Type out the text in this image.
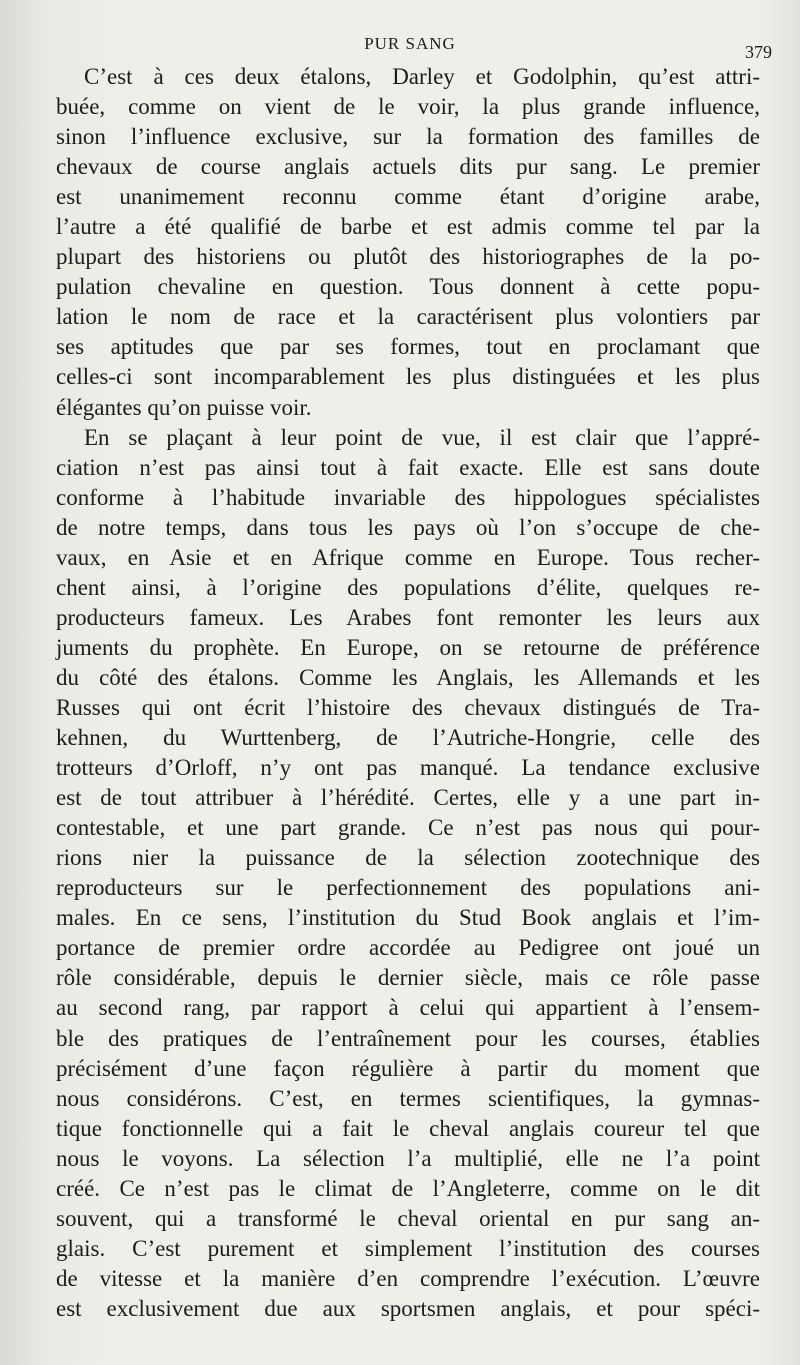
PUR SANG	379
C’est à ces deux étalons, Darley et Godolphin, qu’est attri-
buée, comme on vient de le voir, la plus grande influence,
sinon l’influence exclusive, sur la formation des familles de
chevaux de course anglais actuels dits pur sang. Le premier
est unanimement reconnu comme étant d’origine arabe,
l’autre a été qualifié de barbe et est admis comme tel par la
plupart des historiens ou plutôt des historiographes de la po-
pulation chevaline en question. Tous donnent à cette popu-
lation le nom de race et la caractérisent plus volontiers par
ses aptitudes que par ses formes, tout en proclamant que
celles-ci sont incomparablement les plus distinguées et les plus
élégantes qu’on puisse voir.
En se plaçant à leur point de vue, il est clair que l’appré-
ciation n’est pas ainsi tout à fait exacte. Elle est sans doute
conforme à l’habitude invariable des hippologues spécialistes
de notre temps, dans tous les pays où l’on s’occupe de che-
vaux, en Asie et en Afrique comme en Europe. Tous recher-
chent ainsi, à l’origine des populations d’élite, quelques re-
producteurs fameux. Les Arabes font remonter les leurs aux
juments du prophète. En Europe, on se retourne de préférence
du côté des étalons. Comme les Anglais, les Allemands et les
Russes qui ont écrit l’histoire des chevaux distingués de Tra-
kehnen, du Wurttenberg, de l’Autriche-Hongrie, celle des
trotteurs d’Orloff, n’y ont pas manqué. La tendance exclusive
est de tout attribuer à l’hérédité. Certes, elle y a une part in-
contestable, et une part grande. Ce n’est pas nous qui pour-
rions nier la puissance de la sélection zootechnique des
reproducteurs sur le perfectionnement des populations ani-
males. En ce sens, l’institution du Stud Book anglais et l’im-
portance de premier ordre accordée au Pedigree ont joué un
rôle considérable, depuis le dernier siècle, mais ce rôle passe
au second rang, par rapport à celui qui appartient à l’ensem-
ble des pratiques de l’entraînement pour les courses, établies
précisément d’une façon régulière à partir du moment que
nous considérons. C’est, en termes scientifiques, la gymnas-
tique fonctionnelle qui a fait le cheval anglais coureur tel que
nous le voyons. La sélection l’a multiplié, elle ne l’a point
créé. Ce n’est pas le climat de l’Angleterre, comme on le dit
souvent, qui a transformé le cheval oriental en pur sang an-
glais. C’est purement et simplement l’institution des courses
de vitesse et la manière d’en comprendre l’exécution. L’œuvre
est exclusivement due aux sportsmen anglais, et pour spéci-
